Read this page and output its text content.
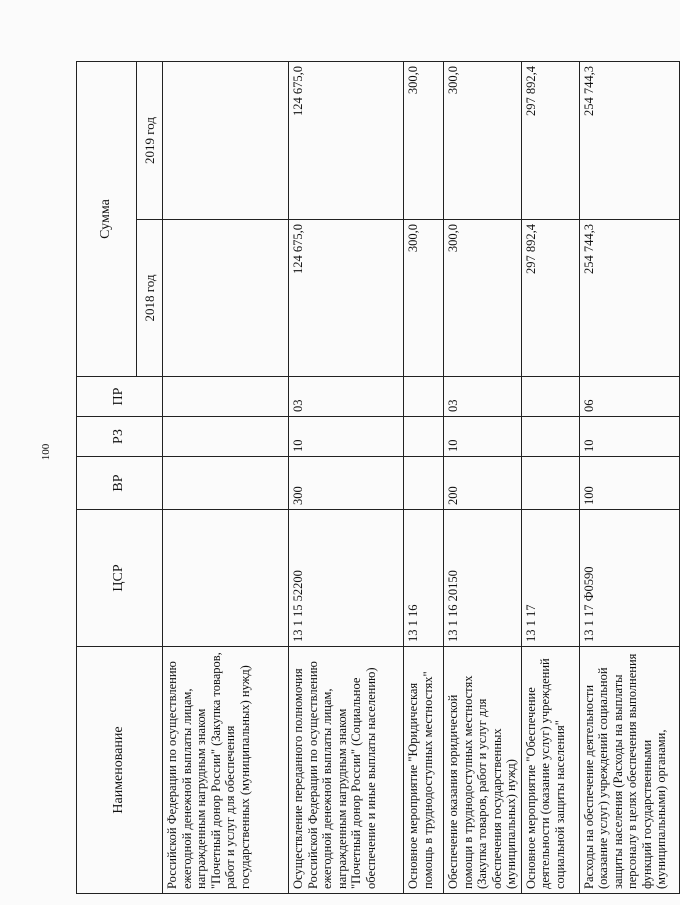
100
Наименование	ЦСР	ВР	РЗ	ПР	Сумма	
					2018 год	2019 год
Российской Федерации по осуществлению ежегодной денежной выплаты лицам, награжденным нагрудным знаком "Почетный донор России" (Закупка товаров, работ и услуг для обеспечения государственных (муниципальных) нужд)						
Осуществление переданного полномочия Российской Федерации по осуществлению ежегодной денежной выплаты лицам, награжденным нагрудным знаком "Почетный донор России" (Социальное обеспечение и иные выплаты населению)	13 1 15 52200	300	10	03	124 675,0	124 675,0
Основное мероприятие "Юридическая помощь в труднодоступных местностях"	13 1 16				300,0	300,0
Обеспечение оказания юридической помощи в труднодоступных местностях (Закупка товаров, работ и услуг для обеспечения государственных (муниципальных) нужд)	13 1 16 20150	200	10	03	300,0	300,0
Основное мероприятие "Обеспечение деятельности (оказание услуг) учреждений социальной защиты населения"	13 1 17				297 892,4	297 892,4
Расходы на обеспечение деятельности (оказание услуг) учреждений социальной защиты населения (Расходы на выплаты персоналу в целях обеспечения выполнения функций государственными (муниципальными) органами,	13 1 17 Ф0590	100	10	06	254 744,3	254 744,3
